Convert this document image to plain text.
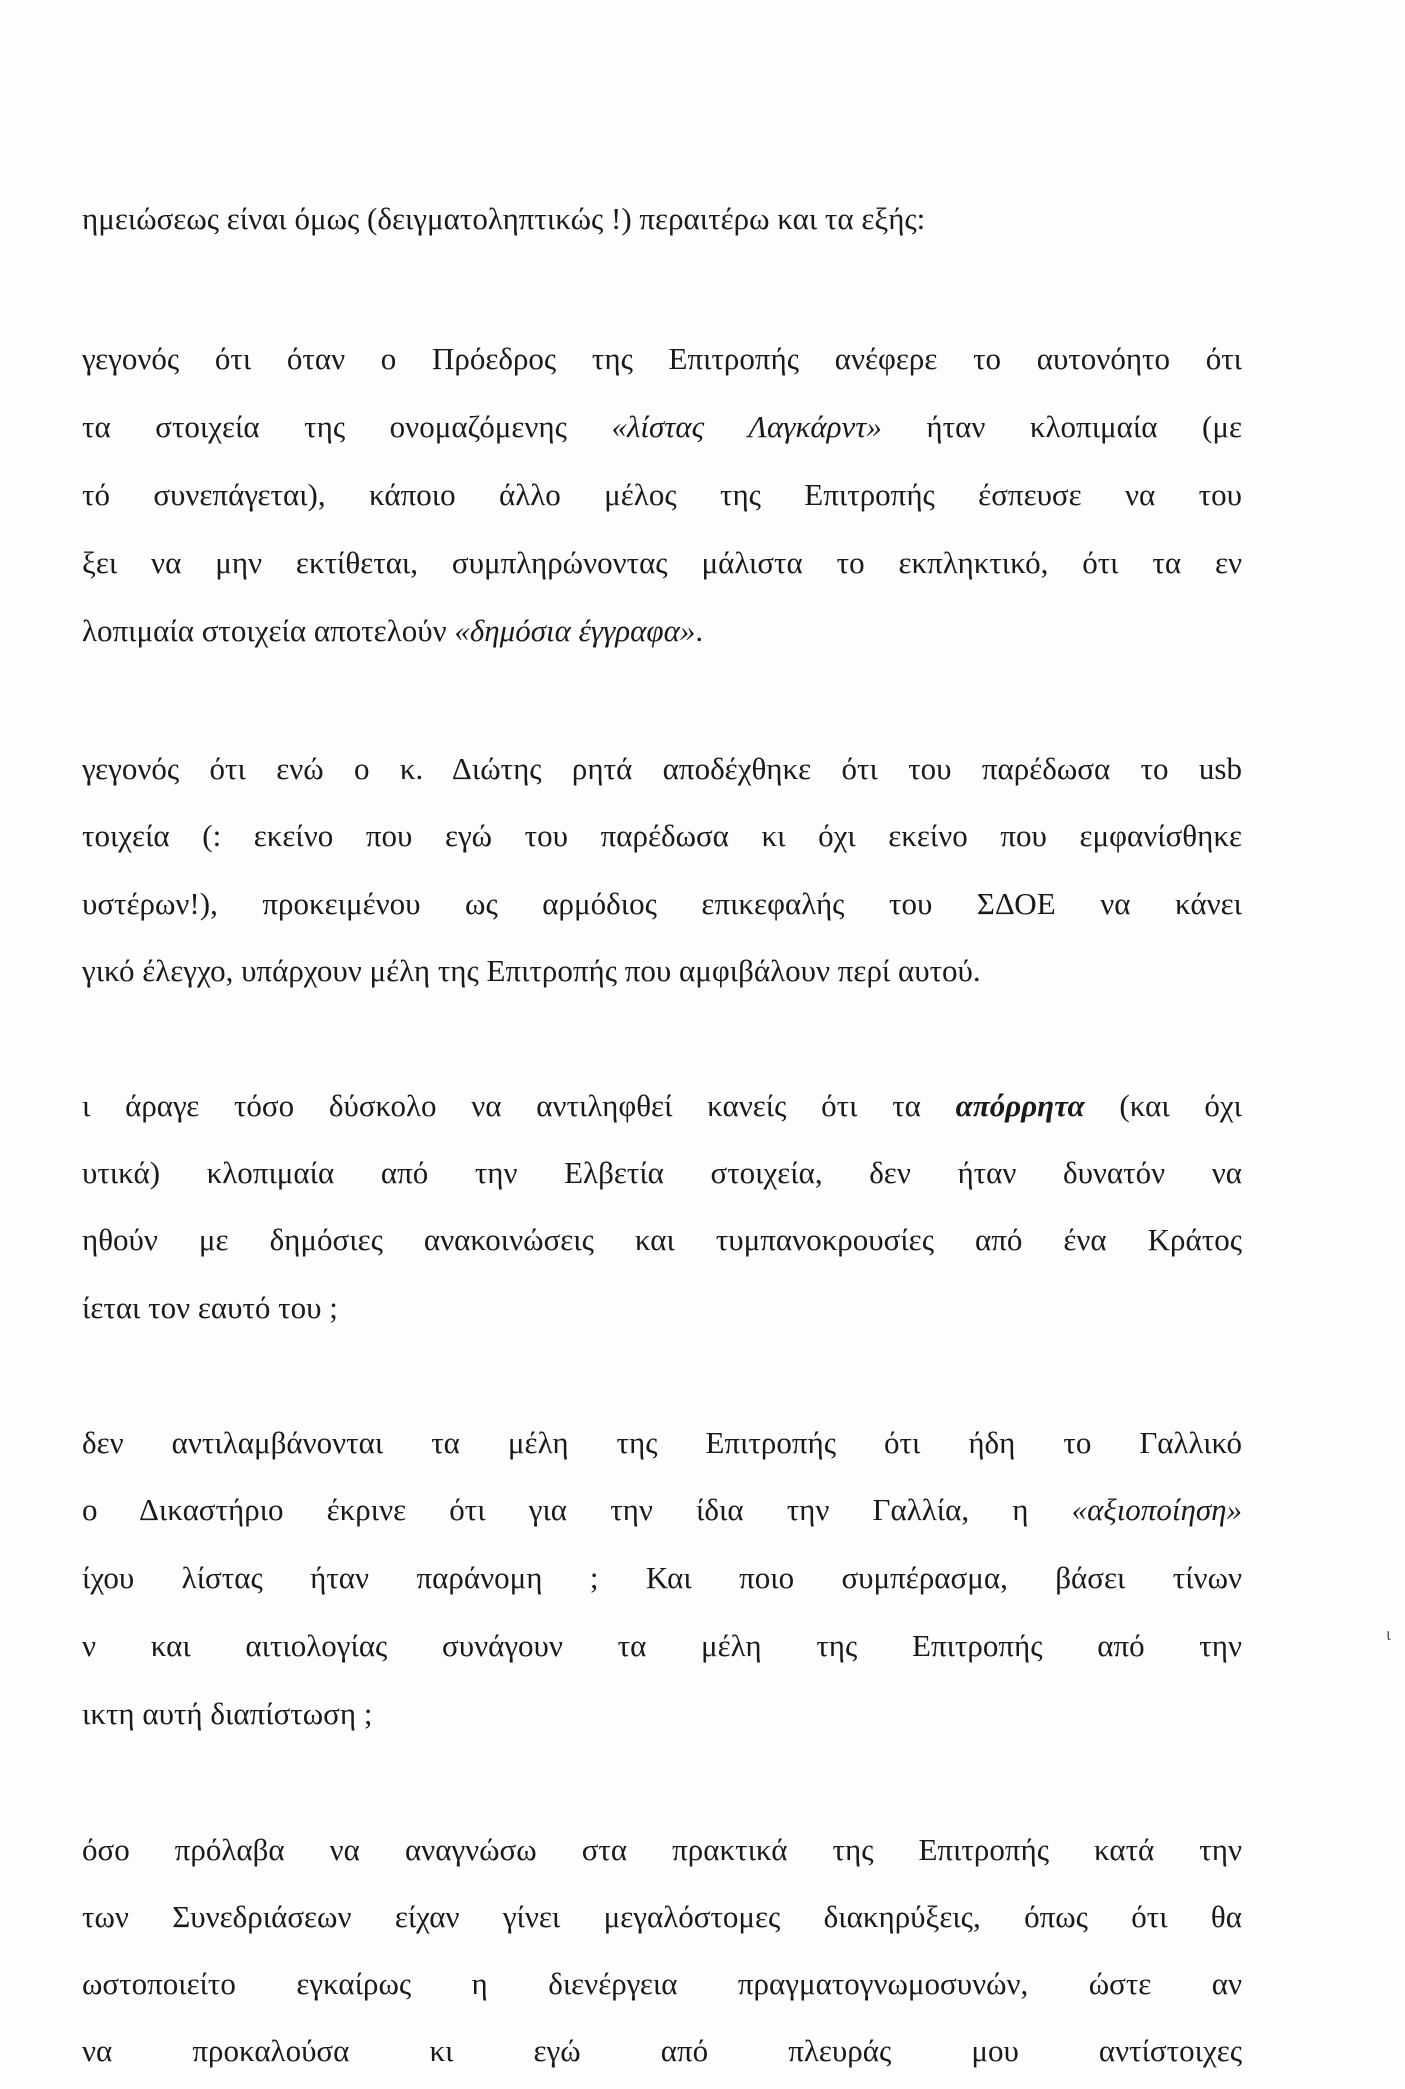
ημειώσεως είναι όμως (δειγματοληπτικώς !) περαιτέρω και τα εξής:
γεγονός ότι όταν ο Πρόεδρος της Επιτροπής ανέφερε το αυτονόητο ότι
τα στοιχεία της ονομαζόμενης «λίστας Λαγκάρντ» ήταν κλοπιμαία (με
τό συνεπάγεται), κάποιο άλλο μέλος της Επιτροπής έσπευσε να του
ξει να μην εκτίθεται, συμπληρώνοντας μάλιστα το εκπληκτικό, ότι τα εν
λοπιμαία στοιχεία αποτελούν «δημόσια έγγραφα».
γεγονός ότι ενώ ο κ. Διώτης ρητά αποδέχθηκε ότι του παρέδωσα το usb
τοιχεία (: εκείνο που εγώ του παρέδωσα κι όχι εκείνο που εμφανίσθηκε
υστέρων!), προκειμένου ως αρμόδιος επικεφαλής του ΣΔΟΕ να κάνει
γικό έλεγχο, υπάρχουν μέλη της Επιτροπής που αμφιβάλουν περί αυτού.
ι άραγε τόσο δύσκολο να αντιληφθεί κανείς ότι τα απόρρητα (και όχι
υτικά) κλοπιμαία από την Ελβετία στοιχεία, δεν ήταν δυνατόν να
ηθούν με δημόσιες ανακοινώσεις και τυμπανοκρουσίες από ένα Κράτος
ίεται τον εαυτό του ;
δεν αντιλαμβάνονται τα μέλη της Επιτροπής ότι ήδη το Γαλλικό
ο Δικαστήριο έκρινε ότι για την ίδια την Γαλλία, η «αξιοποίηση»
ίχου λίστας ήταν παράνομη ; Και ποιο συμπέρασμα, βάσει τίνων
ν και αιτιολογίας συνάγουν τα μέλη της Επιτροπής από την
ικτη αυτή διαπίστωση ;
όσο πρόλαβα να αναγνώσω στα πρακτικά της Επιτροπής κατά την
των Συνεδριάσεων είχαν γίνει μεγαλόστομες διακηρύξεις, όπως ότι θα
ωστοποιείτο εγκαίρως η διενέργεια πραγματογνωμοσυνών, ώστε αν
να προκαλούσα κι εγώ από πλευράς μου αντίστοιχες
ι
